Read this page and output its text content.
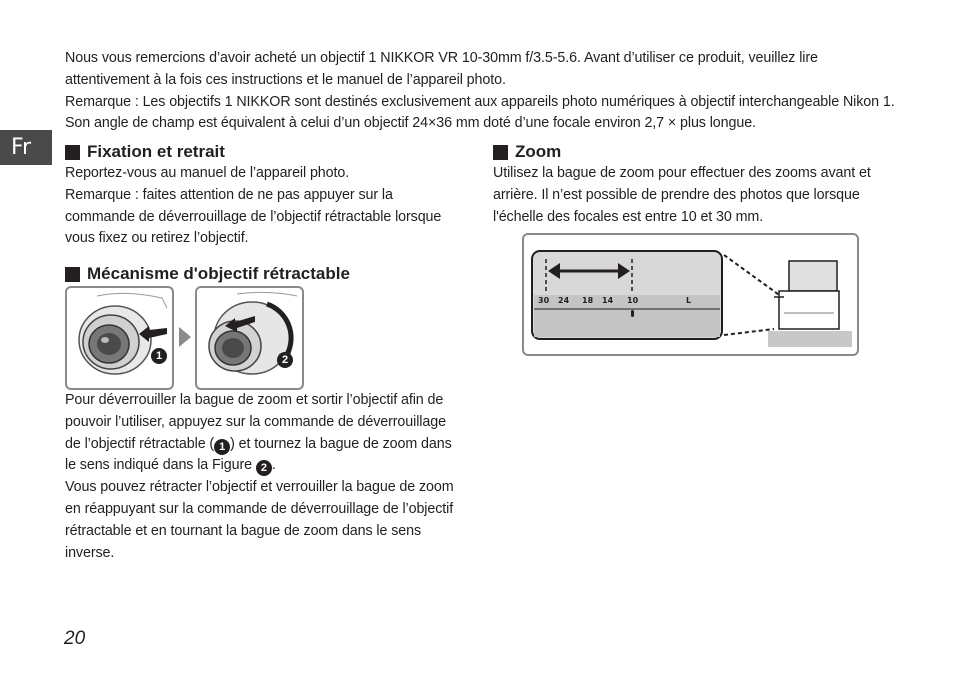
Nous vous remercions d’avoir acheté un objectif 1 NIKKOR VR 10-30mm f/3.5-5.6. Avant d’utiliser ce produit, veuillez lire attentivement à la fois ces instructions et le manuel de l’appareil photo.

Remarque : Les objectifs 1 NIKKOR sont destinés exclusivement aux appareils photo numériques à objectif interchangeable Nikon 1. Son angle de champ est équivalent à celui d’un objectif 24×36 mm doté d’une focale environ 2,7 × plus longue.

Fr	Fixation et retrait

Reportez-vous au manuel de l’appareil photo.

Remarque : faites attention de ne pas appuyer sur la commande de déverrouillage de l’objectif rétractable lorsque vous fixez ou retirez l’objectif.

Mécanisme d'objectif rétractable
1	2

Pour déverrouiller la bague de zoom et sortir l’objectif afin de pouvoir l’utiliser, appuyez sur la commande de déverrouillage de l’objectif rétractable ( 1 ) et tournez la bague de zoom dans le sens indiqué dans la Figure 2 .

Vous pouvez rétracter l’objectif et verrouiller la bague de zoom en réappuyant sur la commande de déverrouillage de l’objectif rétractable et en tournant la bague de zoom dans le sens inverse.

Zoom

Utilisez la bague de zoom pour effectuer des zooms avant et arrière. Il n’est possible de prendre des photos que lorsque l'échelle des focales est entre 10 et 30 mm.

30 24 18 14 10	L
20
